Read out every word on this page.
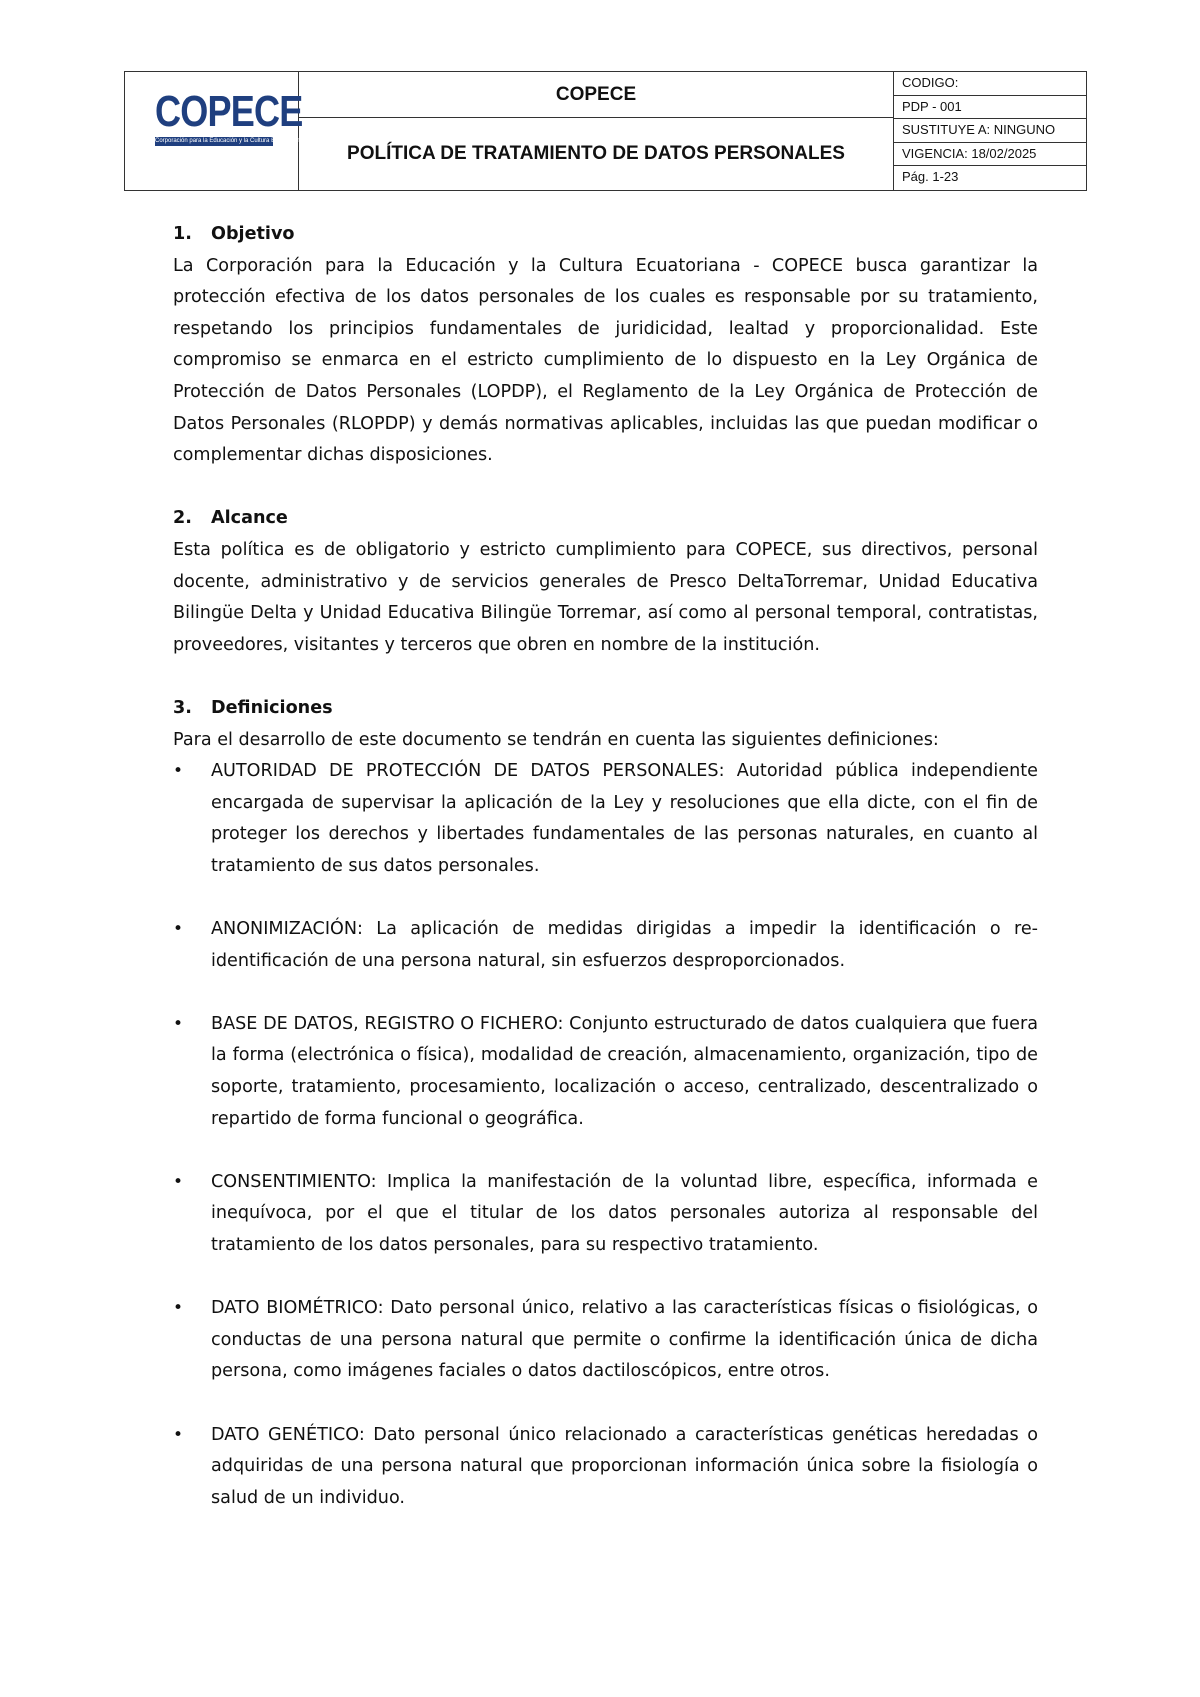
COPECE
Corporación para la Educación y la Cultura Ecuatoriana
COPECE
POLÍTICA DE TRATAMIENTO DE DATOS PERSONALES
CODIGO:
PDP - 001
SUSTITUYE A: NINGUNO
VIGENCIA: 18/02/2025
Pág. 1-23
1.	Objetivo

La Corporación para la Educación y la Cultura Ecuatoriana - COPECE busca garantizar la protección efectiva de los datos personales de los cuales es responsable por su tratamiento, respetando los principios fundamentales de juridicidad, lealtad y proporcionalidad. Este compromiso se enmarca en el estricto cumplimiento de lo dispuesto en la Ley Orgánica de Protección de Datos Personales (LOPDP), el Reglamento de la Ley Orgánica de Protección de Datos Personales (RLOPDP) y demás normativas aplicables, incluidas las que puedan modificar o complementar dichas disposiciones.

2.	Alcance

Esta política es de obligatorio y estricto cumplimiento para COPECE, sus directivos, personal docente, administrativo y de servicios generales de Presco DeltaTorremar, Unidad Educativa Bilingüe Delta y Unidad Educativa Bilingüe Torremar, así como al personal temporal, contratistas, proveedores, visitantes y terceros que obren en nombre de la institución.

3.	Definiciones

Para el desarrollo de este documento se tendrán en cuenta las siguientes definiciones:

• AUTORIDAD DE PROTECCIÓN DE DATOS PERSONALES: Autoridad pública independiente encargada de supervisar la aplicación de la Ley y resoluciones que ella dicte, con el fin de proteger los derechos y libertades fundamentales de las personas naturales, en cuanto al tratamiento de sus datos personales.
• ANONIMIZACIÓN: La aplicación de medidas dirigidas a impedir la identificación o re-identificación de una persona natural, sin esfuerzos desproporcionados.
• BASE DE DATOS, REGISTRO O FICHERO: Conjunto estructurado de datos cualquiera que fuera la forma (electrónica o física), modalidad de creación, almacenamiento, organización, tipo de soporte, tratamiento, procesamiento, localización o acceso, centralizado, descentralizado o repartido de forma funcional o geográfica.
• CONSENTIMIENTO: Implica la manifestación de la voluntad libre, específica, informada e inequívoca, por el que el titular de los datos personales autoriza al responsable del tratamiento de los datos personales, para su respectivo tratamiento.
• DATO BIOMÉTRICO: Dato personal único, relativo a las características físicas o fisiológicas, o conductas de una persona natural que permite o confirme la identificación única de dicha persona, como imágenes faciales o datos dactiloscópicos, entre otros.
• DATO GENÉTICO: Dato personal único relacionado a características genéticas heredadas o adquiridas de una persona natural que proporcionan información única sobre la fisiología o salud de un individuo.
